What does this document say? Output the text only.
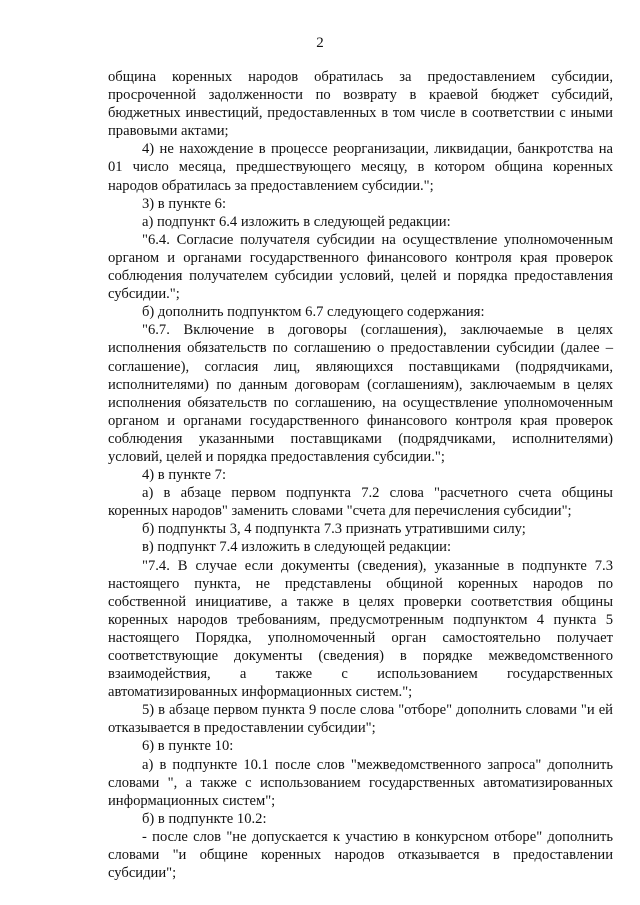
2

община коренных народов обратилась за предоставлением субсидии, просроченной задолженности по возврату в краевой бюджет субсидий, бюджетных инвестиций, предоставленных в том числе в соответствии с иными правовыми актами;

4) не нахождение в процессе реорганизации, ликвидации, банкротства на 01 число месяца, предшествующего месяцу, в котором община коренных народов обратилась за предоставлением субсидии.";

3) в пункте 6:

а) подпункт 6.4 изложить в следующей редакции:

"6.4. Согласие получателя субсидии на осуществление уполномоченным органом и органами государственного финансового контроля края проверок соблюдения получателем субсидии условий, целей и порядка предоставления субсидии.";

б) дополнить подпунктом 6.7 следующего содержания:

"6.7. Включение в договоры (соглашения), заключаемые в целях исполнения обязательств по соглашению о предоставлении субсидии (далее – соглашение), согласия лиц, являющихся поставщиками (подрядчиками, исполнителями) по данным договорам (соглашениям), заключаемым в целях исполнения обязательств по соглашению, на осуществление уполномоченным органом и органами государственного финансового контроля края проверок соблюдения указанными поставщиками (подрядчиками, исполнителями) условий, целей и порядка предоставления субсидии.";

4) в пункте 7:

а) в абзаце первом подпункта 7.2 слова "расчетного счета общины коренных народов" заменить словами "счета для перечисления субсидии";

б) подпункты 3, 4 подпункта 7.3 признать утратившими силу;

в) подпункт 7.4 изложить в следующей редакции:

"7.4. В случае если документы (сведения), указанные в подпункте 7.3 настоящего пункта, не представлены общиной коренных народов по собственной инициативе, а также в целях проверки соответствия общины коренных народов требованиям, предусмотренным подпунктом 4 пункта 5 настоящего Порядка, уполномоченный орган самостоятельно получает соответствующие документы (сведения) в порядке межведомственного взаимодействия, а также с использованием государственных автоматизированных информационных систем.";

5) в абзаце первом пункта 9 после слова "отборе" дополнить словами "и ей отказывается в предоставлении субсидии";

6) в пункте 10:

а) в подпункте 10.1 после слов "межведомственного запроса" дополнить словами ", а также с использованием государственных автоматизированных информационных систем";

б) в подпункте 10.2:

- после слов "не допускается к участию в конкурсном отборе" дополнить словами "и общине коренных народов отказывается в предоставлении субсидии";
